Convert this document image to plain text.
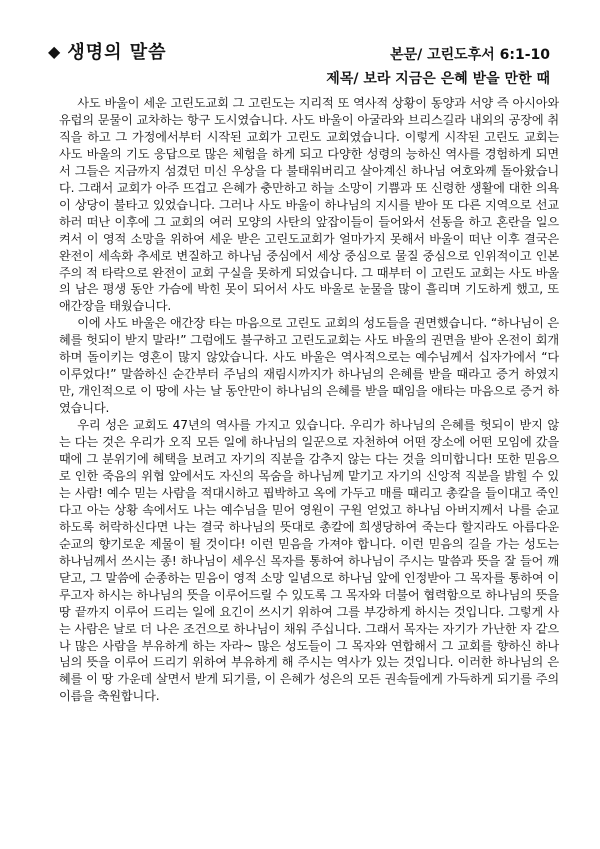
◆ 생명의 말씀	본문/ 고린도후서 6:1-10
제목/ 보라 지금은 은혜 받을 만한 때

사도 바울이 세운 고린도교회 그 고린도는 지리적 또 역사적 상황이 동양과 서양 즉 아시아와 유럽의 문물이 교차하는 항구 도시였습니다. 사도 바울이 아굴라와 브리스길라 내외의 공장에 취직을 하고 그 가정에서부터 시작된 교회가 고린도 교회였습니다. 이렇게 시작된 고린도 교회는 사도 바울의 기도 응답으로 많은 체험을 하게 되고 다양한 성령의 능하신 역사를 경험하게 되면서 그들은 지금까지 섬겼던 미신 우상을 다 불태워버리고 살아계신 하나님 여호와께 돌아왔습니다. 그래서 교회가 아주 뜨겁고 은혜가 충만하고 하늘 소망이 기쁨과 또 신령한 생활에 대한 의욕이 상당이 불타고 있었습니다. 그러나 사도 바울이 하나님의 지시를 받아 또 다른 지역으로 선교하러 떠난 이후에 그 교회의 여러 모양의 사탄의 앞잡이들이 들어와서 선동을 하고 혼란을 일으켜서 이 영적 소망을 위하여 세운 받은 고린도교회가 얼마가지 못해서 바울이 떠난 이후 결국은 완전이 세속화 추세로 변질하고 하나님 중심에서 세상 중심으로 물질 중심으로 인위적이고 인본주의 적 타락으로 완전이 교회 구실을 못하게 되었습니다. 그 때부터 이 고린도 교회는 사도 바울의 남은 평생 동안 가슴에 박힌 못이 되어서 사도 바울로 눈물을 많이 흘리며 기도하게 했고, 또 애간장을 태웠습니다.

이에 사도 바울은 애간장 타는 마음으로 고린도 교회의 성도들을 권면했습니다. “하나님이 은혜를 헛되이 받지 말라!” 그럼에도 불구하고 고린도교회는 사도 바울의 권면을 받아 온전이 회개하며 돌이키는 영혼이 많지 않았습니다. 사도 바울은 역사적으로는 예수님께서 십자가에서 “다 이루었다!” 말씀하신 순간부터 주님의 재림시까지가 하나님의 은혜를 받을 때라고 증거 하였지만, 개인적으로 이 땅에 사는 날 동안만이 하나님의 은혜를 받을 때임을 애타는 마음으로 증거 하였습니다.

우리 성은 교회도 47년의 역사를 가지고 있습니다. 우리가 하나님의 은혜를 헛되이 받지 않는 다는 것은 우리가 오직 모든 일에 하나님의 일꾼으로 자천하여 어떤 장소에 어떤 모임에 갔을 때에 그 분위기에 혜택을 보려고 자기의 직분을 감추지 않는 다는 것을 의미합니다! 또한 믿음으로 인한 죽음의 위협 앞에서도 자신의 목숨을 하나님께 맡기고 자기의 신앙적 직분을 밝힐 수 있는 사람! 예수 믿는 사람을 적대시하고 핍박하고 옥에 가두고 매를 때리고 총칼을 들이대고 죽인다고 아는 상황 속에서도 나는 예수님을 믿어 영원이 구원 얻었고 하나님 아버지께서 나를 순교하도록 허락하신다면 나는 결국 하나님의 뜻대로 총칼에 희생당하여 죽는다 할지라도 아름다운 순교의 향기로운 제물이 될 것이다! 이런 믿음을 가져야 합니다. 이런 믿음의 길을 가는 성도는 하나님께서 쓰시는 종! 하나님이 세우신 목자를 통하여 하나님이 주시는 말씀과 뜻을 잘 들어 깨닫고, 그 말씀에 순종하는 믿음이 영적 소망 일념으로 하나님 앞에 인정받아 그 목자를 통하여 이루고자 하시는 하나님의 뜻을 이루어드릴 수 있도록 그 목자와 더불어 협력함으로 하나님의 뜻을 땅 끝까지 이루어 드리는 일에 요긴이 쓰시기 위하여 그를 부강하게 하시는 것입니다. 그렇게 사는 사람은 날로 더 나은 조건으로 하나님이 채워 주십니다. 그래서 목자는 자기가 가난한 자 같으나 많은 사람을 부유하게 하는 자라~ 많은 성도들이 그 목자와 연합해서 그 교회를 향하신 하나님의 뜻을 이루어 드리기 위하여 부유하게 해 주시는 역사가 있는 것입니다. 이러한 하나님의 은혜를 이 땅 가운데 살면서 받게 되기를, 이 은혜가 성은의 모든 권속들에게 가득하게 되기를 주의 이름을 축원합니다.
